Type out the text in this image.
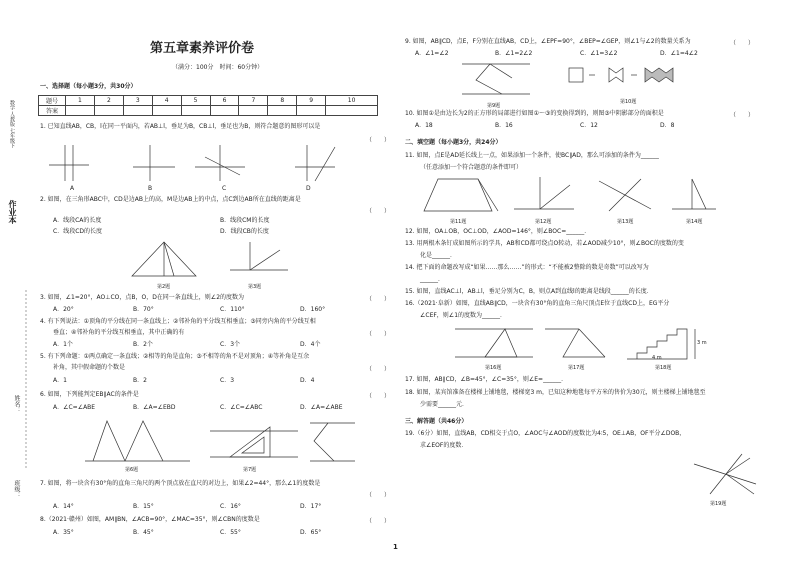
作业本
数学 人教版 七年级下
姓名：
班级：
第五章素养评价卷
（满分：100分　时间：60分钟）
一、选择题（每小题3分，共30分）
题号	1	2	3	4	5	6	7	8	9	10
答案										
1. 已知直线AB，CB，l在同一平面内，若AB⊥l，垂足为B，CB⊥l，垂足也为B，则符合题意的图形可以是
（　　）
A	B	C	D
2. 如图，在三角形ABC中，CD是边AB上的高，M是边AB上的中点，点C到边AB所在直线的距离是
（　　）
A．线段CA的长度	B．线段CM的长度
C．线段CD的长度	D．线段CB的长度
第2题	第3题
3. 如图，∠1=20°，AO⊥CO，点B，O，D在同一条直线上，则∠2的度数为	（　　）
A．20°	B．70°	C．110°	D．160°
4. 有下列说法：①顶角的平分线在同一条直线上；②邻补角的平分线互相垂直；③同旁内角的平分线互相
垂直；④邻补角的平分线互相垂直，其中正确的有	（　　）
A．1个	B．2个	C．3个	D．4个
5. 有下列命题：①两点确定一条直线；②相等的角是直角；③不相等的角不是对顶角；④等补角是互余
补角，其中假命题的个数是	（　　）
A．1	B．2	C．3	D．4
6. 如图，下列能判定EB∥AC的条件是	（　　）
A．∠C=∠ABE	B．∠A=∠EBD	C．∠C=∠ABC	D．∠A=∠ABE
第6题	第7题
7. 如图，将一块含有30°角的直角三角尺的两个顶点放在直尺的对边上，如果∠2=44°，那么∠1的度数是
（　　）
A．14°	B．15°	C．16°	D．17°
8.（2021·赣州）如图，AM∥BN，∠ACB=90°，∠MAC=35°，则∠CBN的度数是	（　　）
A．35°	B．45°	C．55°	D．65°
9. 如图，AB∥CD，点E，F分别在直线AB，CD上，∠EPF=90°，∠BEP=∠GEP，则∠1与∠2的数量关系为	（　　）
A．∠1=∠2	B．∠1=2∠2	C．∠1=3∠2	D．∠1=4∠2
第9题
第10题
10. 如图①是由边长为2的正方形的局部进行如图①～③的变换得到的，则图③中阴影部分的面积是	（　　）
A．18	B．16	C．12	D．8
二、填空题（每小题3分，共24分）
11. 如图，点E是AD延长线上一点，如果添加一个条件，使BC∥AD，那么可添加的条件为______
（任意添加一个符合题意的条件即可）
第11题	第12题	第13题	第14题
12. 如图，OA⊥OB，OC⊥OD，∠AOD=146°，则∠BOC=______．
13. 用两根木条钉成如图所示的学具，AB和CD都可绕点O转动，若∠AOD减少10°，则∠BOC的度数的变
化是______．
14. 把下面的命题改写成“如果……那么……”的形式：“不能被2整除的数是奇数”可以改写为
______．
15. 如图，直线AC⊥l，AB⊥l，垂足分别为C，B，则点A到直线l的距离是线段______的长度．
16.（2021·阜新）如图，直线AB∥CD，一块含有30°角的直角三角尺顶点E位于直线CD上，EG平分
∠CEF，则∠1的度数为______．
第16题	第17题
3 m
4 m
第18题
17. 如图，AB∥CD，∠B=45°，∠C=35°，则∠E=______．
18. 如图，某宾馆准备在楼梯上铺地毯，楼梯宽3 m，已知这种地毯每平方米的售价为30元，则主楼梯上铺地毯至
少需要______元．
三、解答题（共46分）
19.（6分）如图，直线AB，CD相交于点O，∠AOC与∠AOD的度数比为4∶5，OE⊥AB，OF平分∠DOB，
求∠EOF的度数．
第19题
1
